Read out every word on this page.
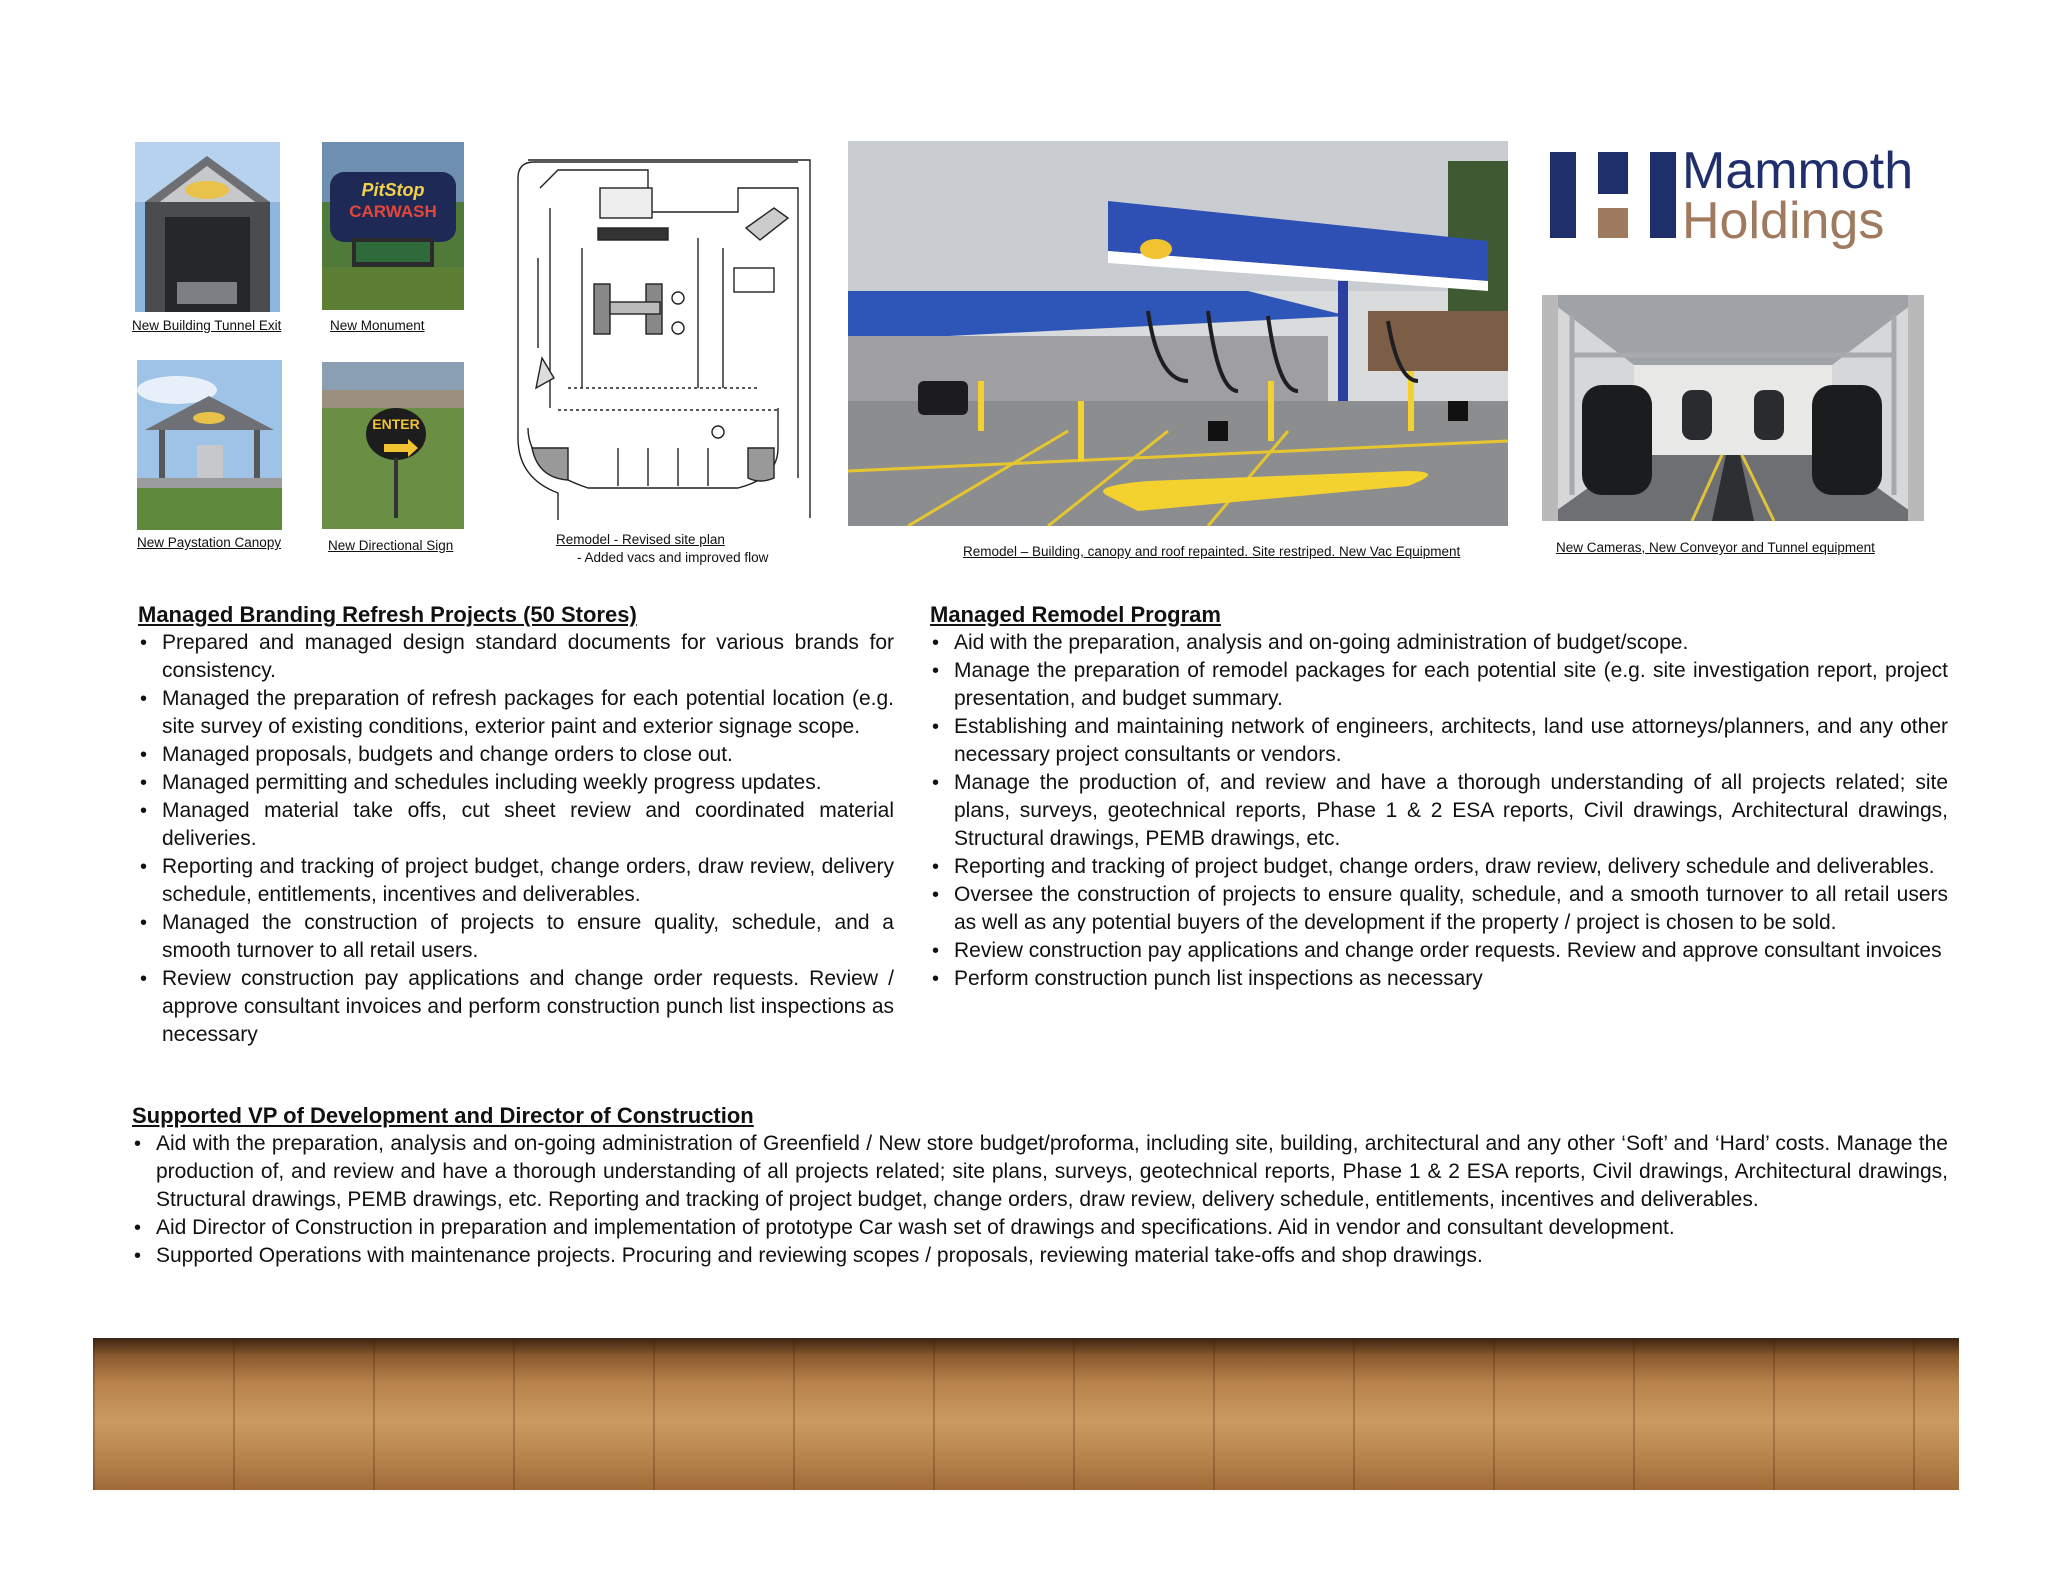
New Building Tunnel Exit
PitStop
CARWASH
New Monument
New Paystation Canopy
ENTER
New Directional Sign	Remodel - Revised site plan
- Added vacs and improved flow	Remodel – Building, canopy and roof repainted. Site restriped. New Vac Equipment
Mammoth
Holdings
New Cameras, New Conveyor and Tunnel equipment
Managed Branding Refresh Projects (50 Stores)
• Prepared and managed design standard documents for various brands for consistency.
• Managed the preparation of refresh packages for each potential location (e.g. site survey of existing conditions, exterior paint and exterior signage scope.
• Managed proposals, budgets and change orders to close out.
• Managed permitting and schedules including weekly progress updates.
• Managed material take offs, cut sheet review and coordinated material deliveries.
• Reporting and tracking of project budget, change orders, draw review, delivery schedule, entitlements, incentives and deliverables.
• Managed the construction of projects to ensure quality, schedule, and a smooth turnover to all retail users.
• Review construction pay applications and change order requests. Review / approve consultant invoices and perform construction punch list inspections as necessary
Managed Remodel Program
• Aid with the preparation, analysis and on-going administration of budget/scope.
• Manage the preparation of remodel packages for each potential site (e.g. site investigation report, project presentation, and budget summary.
• Establishing and maintaining network of engineers, architects, land use attorneys/planners, and any other necessary project consultants or vendors.
• Manage the production of, and review and have a thorough understanding of all projects related; site plans, surveys, geotechnical reports, Phase 1 & 2 ESA reports, Civil drawings, Architectural drawings, Structural drawings, PEMB drawings, etc.
• Reporting and tracking of project budget, change orders, draw review, delivery schedule and deliverables.
• Oversee the construction of projects to ensure quality, schedule, and a smooth turnover to all retail users as well as any potential buyers of the development if the property / project is chosen to be sold.
• Review construction pay applications and change order requests. Review and approve consultant invoices
• Perform construction punch list inspections as necessary
Supported VP of Development and Director of Construction
• Aid with the preparation, analysis and on-going administration of Greenfield / New store budget/proforma, including site, building, architectural and any other ‘Soft’ and ‘Hard’ costs. Manage the production of, and review and have a thorough understanding of all projects related; site plans, surveys, geotechnical reports, Phase 1 & 2 ESA reports, Civil drawings, Architectural drawings, Structural drawings, PEMB drawings, etc. Reporting and tracking of project budget, change orders, draw review, delivery schedule, entitlements, incentives and deliverables.
• Aid Director of Construction in preparation and implementation of prototype Car wash set of drawings and specifications. Aid in vendor and consultant development.
• Supported Operations with maintenance projects. Procuring and reviewing scopes / proposals, reviewing material take-offs and shop drawings.
